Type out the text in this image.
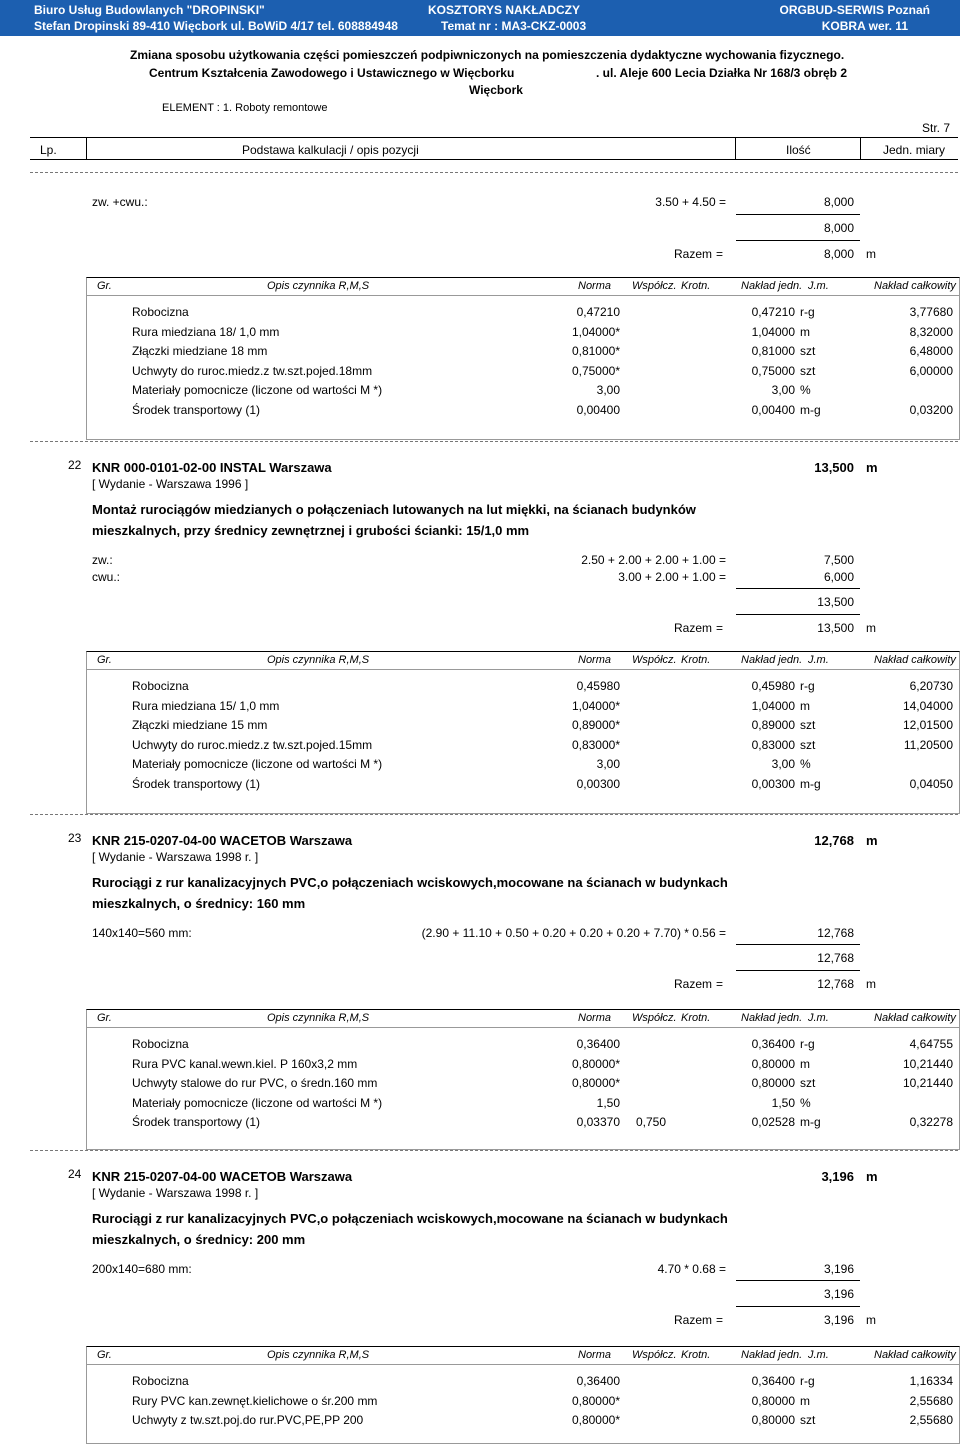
Biuro Usług Budowlanych "DROPINSKI"
Stefan Dropinski 89-410 Więcbork ul. BoWiD 4/17 tel. 608884948
KOSZTORYS NAKŁADCZY
Temat nr : MA3-CKZ-0003
ORGBUD-SERWIS Poznań
KOBRA wer. 11
Zmiana sposobu użytkowania części pomieszczeń podpiwniczonych na pomieszczenia dydaktyczne wychowania fizycznego.
Centrum Kształcenia Zawodowego i Ustawicznego w Więcborku	. ul. Aleje 600 Lecia Działka Nr 168/3 obręb 2
Więcbork
ELEMENT : 1. Roboty remontowe
Str. 7
Lp.	Podstawa kalkulacji / opis pozycji	Ilość	Jedn. miary
zw. +cwu.:	3.50 + 4.50 =	8,000
8,000
Razem =	8,000 m
Gr.	Opis czynnika R,M,S	Norma Współcz. Krotn.	Nakład jedn. J.m.	Nakład całkowity
Robocizna	0,47210	0,47210 r-g	3,77680
Rura miedziana 18/ 1,0 mm	1,04000*	1,04000 m	8,32000
Złączki miedziane 18 mm	0,81000*	0,81000 szt	6,48000
Uchwyty do ruroc.miedz.z tw.szt.pojed.18mm	0,75000*	0,75000 szt	6,00000
Materiały pomocnicze (liczone od wartości M *)	3,00	3,00 %
Środek transportowy (1)	0,00400	0,00400 m-g	0,03200
22 KNR 000-0101-02-00 INSTAL Warszawa	13,500 m
[ Wydanie - Warszawa 1996 ]
Montaż rurociągów miedzianych o połączeniach lutowanych na lut miękki, na ścianach budynków
mieszkalnych, przy średnicy zewnętrznej i grubości ścianki: 15/1,0 mm
zw.:	2.50 + 2.00 + 2.00 + 1.00 =	7,500
cwu.:	3.00 + 2.00 + 1.00 =	6,000
13,500
Razem =	13,500 m
Gr.	Opis czynnika R,M,S	Norma Współcz. Krotn.	Nakład jedn. J.m.	Nakład całkowity
Robocizna	0,45980	0,45980 r-g	6,20730
Rura miedziana 15/ 1,0 mm	1,04000*	1,04000 m	14,04000
Złączki miedziane 15 mm	0,89000*	0,89000 szt	12,01500
Uchwyty do ruroc.miedz.z tw.szt.pojed.15mm	0,83000*	0,83000 szt	11,20500
Materiały pomocnicze (liczone od wartości M *)	3,00	3,00 %
Środek transportowy (1)	0,00300	0,00300 m-g	0,04050
23 KNR 215-0207-04-00 WACETOB Warszawa	12,768 m
[ Wydanie - Warszawa 1998 r. ]
Rurociągi z rur kanalizacyjnych PVC,o połączeniach wciskowych,mocowane na ścianach w budynkach
mieszkalnych, o średnicy: 160 mm
140x140=560 mm:	(2.90 + 11.10 + 0.50 + 0.20 + 0.20 + 0.20 + 7.70) * 0.56 =	12,768
12,768
Razem =	12,768 m
Gr.	Opis czynnika R,M,S	Norma Współcz. Krotn.	Nakład jedn. J.m.	Nakład całkowity
Robocizna	0,36400	0,36400 r-g	4,64755
Rura PVC kanal.wewn.kiel. P 160x3,2 mm	0,80000*	0,80000 m	10,21440
Uchwyty stalowe do rur PVC, o średn.160 mm	0,80000*	0,80000 szt	10,21440
Materiały pomocnicze (liczone od wartości M *)	1,50	1,50 %
Środek transportowy (1)	0,03370	0,750	0,02528 m-g	0,32278
24 KNR 215-0207-04-00 WACETOB Warszawa	3,196 m
[ Wydanie - Warszawa 1998 r. ]
Rurociągi z rur kanalizacyjnych PVC,o połączeniach wciskowych,mocowane na ścianach w budynkach
mieszkalnych, o średnicy: 200 mm
200x140=680 mm:	4.70 * 0.68 =	3,196
3,196
Razem =	3,196 m
Gr.	Opis czynnika R,M,S	Norma Współcz. Krotn.	Nakład jedn. J.m.	Nakład całkowity
Robocizna	0,36400	0,36400 r-g	1,16334
Rury PVC kan.zewnęt.kielichowe o śr.200 mm	0,80000*	0,80000 m	2,55680
Uchwyty z tw.szt.poj.do rur.PVC,PE,PP 200	0,80000*	0,80000 szt	2,55680
